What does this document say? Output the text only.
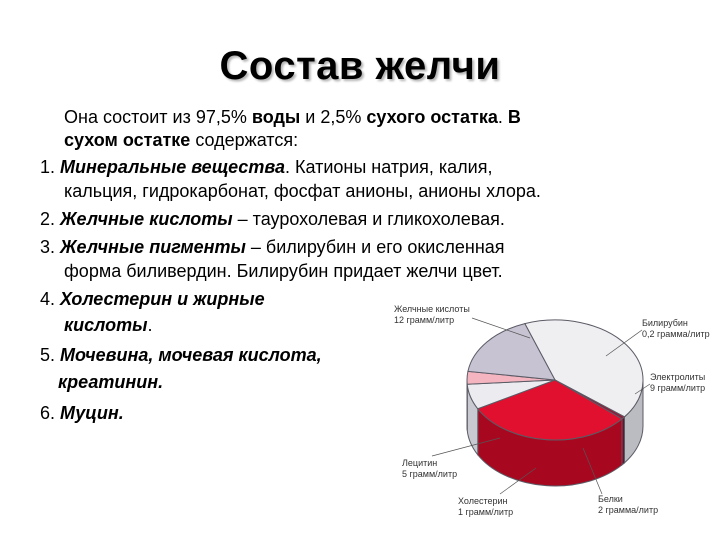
Состав желчи
Она состоит из 97,5% воды и 2,5% сухого остатка. В
сухом остатке содержатся:
1. Минеральные вещества. Катионы натрия, калия,
кальция, гидрокарбонат, фосфат анионы, анионы хлора.
2. Желчные кислоты – таурохолевая и гликохолевая.
3. Желчные пигменты – билирубин и его окисленная
форма биливердин. Билирубин придает желчи цвет.
4. Холестерин и жирные
кислоты.
5. Мочевина, мочевая кислота,
креатинин.
6. Муцин.
Желчные кислоты
12 грамм/литр	Билирубин
0,2 грамма/литр
Электролиты
9 грамм/литр
Белки
2 грамма/литр
Холестерин
1 грамм/литр
Лецитин
5 грамм/литр
